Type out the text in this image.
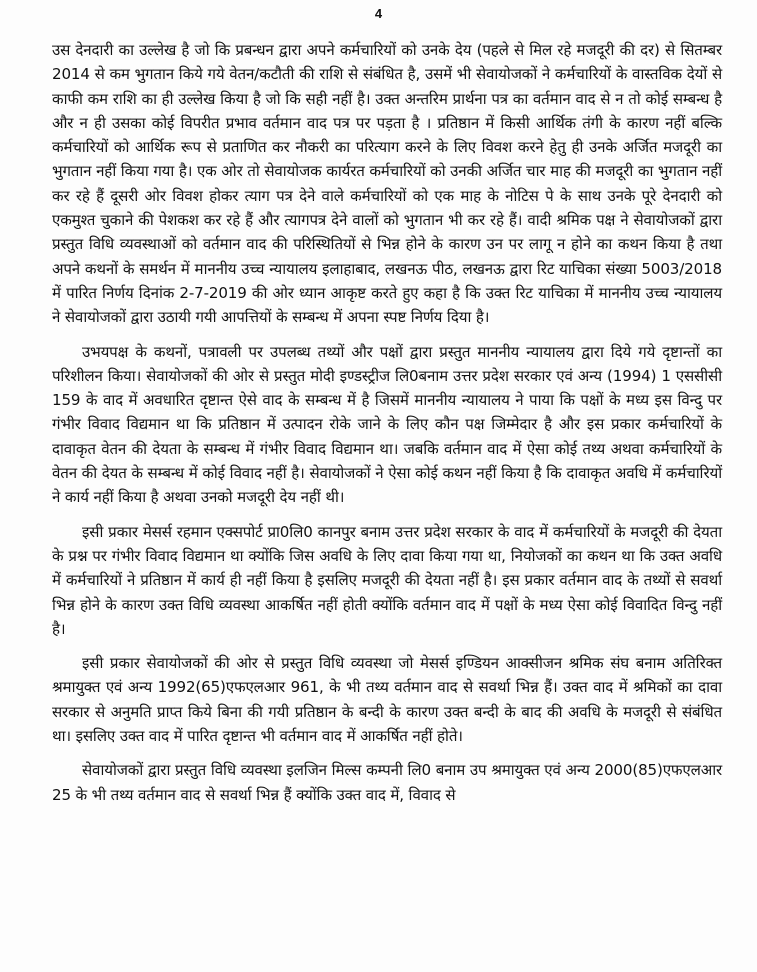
4

उस देनदारी का उल्लेख है जो कि प्रबन्धन द्वारा अपने कर्मचारियों को उनके देय (पहले से मिल रहे मजदूरी की दर) से सितम्बर 2014 से कम भुगतान किये गये वेतन/कटौती की राशि से संबंधित है, उसमें भी सेवायोजकों ने कर्मचारियों के वास्तविक देयों से काफी कम राशि का ही उल्लेख किया है जो कि सही नहीं है। उक्त अन्तरिम प्रार्थना पत्र का वर्तमान वाद से न तो कोई सम्बन्ध है और न ही उसका कोई विपरीत प्रभाव वर्तमान वाद पत्र पर पड़ता है । प्रतिष्ठान में किसी आर्थिक तंगी के कारण नहीं बल्कि कर्मचारियों को आर्थिक रूप से प्रताणित कर नौकरी का परित्याग करने के लिए विवश करने हेतु ही उनके अर्जित मजदूरी का भुगतान नहीं किया गया है। एक ओर तो सेवायोजक कार्यरत कर्मचारियों को उनकी अर्जित चार माह की मजदूरी का भुगतान नहीं कर रहे हैं दूसरी ओर विवश होकर त्याग पत्र देने वाले कर्मचारियों को एक माह के नोटिस पे के साथ उनके पूरे देनदारी को एकमुश्त चुकाने की पेशकश कर रहे हैं और त्यागपत्र देने वालों को भुगतान भी कर रहे हैं। वादी श्रमिक पक्ष ने सेवायोजकों द्वारा प्रस्तुत विधि व्यवस्थाओं को वर्तमान वाद की परिस्थितियों से भिन्न होने के कारण उन पर लागू न होने का कथन किया है तथा अपने कथनों के समर्थन में माननीय उच्च न्यायालय इलाहाबाद, लखनऊ पीठ, लखनऊ द्वारा रिट याचिका संख्या 5003/2018 में पारित निर्णय दिनांक 2-7-2019 की ओर ध्यान आकृष्ट करते हुए कहा है कि उक्त रिट याचिका में माननीय उच्च न्यायालय ने सेवायोजकों द्वारा उठायी गयी आपत्तियों के सम्बन्ध में अपना स्पष्ट निर्णय दिया है।

उभयपक्ष के कथनों, पत्रावली पर उपलब्ध तथ्यों और पक्षों द्वारा प्रस्तुत माननीय न्यायालय द्वारा दिये गये दृष्टान्तों का परिशीलन किया। सेवायोजकों की ओर से प्रस्तुत मोदी इण्डस्ट्रीज लि0बनाम उत्तर प्रदेश सरकार एवं अन्य (1994) 1 एससीसी 159 के वाद में अवधारित दृष्टान्त ऐसे वाद के सम्बन्ध में है जिसमें माननीय न्यायालय ने पाया कि पक्षों के मध्य इस विन्दु पर गंभीर विवाद विद्यमान था कि प्रतिष्ठान में उत्पादन रोके जाने के लिए कौन पक्ष जिम्मेदार है और इस प्रकार कर्मचारियों के दावाकृत वेतन की देयता के सम्बन्ध में गंभीर विवाद विद्यमान था। जबकि वर्तमान वाद में ऐसा कोई तथ्य अथवा कर्मचारियों के वेतन की देयत के सम्बन्ध में कोई विवाद नहीं है। सेवायोजकों ने ऐसा कोई कथन नहीं किया है कि दावाकृत अवधि में कर्मचारियों ने कार्य नहीं किया है अथवा उनको मजदूरी देय नहीं थी।

इसी प्रकार मेसर्स रहमान एक्सपोर्ट प्रा0लि0 कानपुर बनाम उत्तर प्रदेश सरकार के वाद में कर्मचारियों के मजदूरी की देयता के प्रश्न पर गंभीर विवाद विद्यमान था क्योंकि जिस अवधि के लिए दावा किया गया था, नियोजकों का कथन था कि उक्त अवधि में कर्मचारियों ने प्रतिष्ठान में कार्य ही नहीं किया है इसलिए मजदूरी की देयता नहीं है। इस प्रकार वर्तमान वाद के तथ्यों से सवर्था भिन्न होने के कारण उक्त विधि व्यवस्था आकर्षित नहीं होती क्योंकि वर्तमान वाद में पक्षों के मध्य ऐसा कोई विवादित विन्दु नहीं है।

इसी प्रकार सेवायोजकों की ओर से प्रस्तुत विधि व्यवस्था जो मेसर्स इण्डियन आक्सीजन श्रमिक संघ बनाम अतिरिक्त श्रमायुक्त एवं अन्य 1992(65)एफएलआर 961, के भी तथ्य वर्तमान वाद से सवर्था भिन्न हैं। उक्त वाद में श्रमिकों का दावा सरकार से अनुमति प्राप्त किये बिना की गयी प्रतिष्ठान के बन्दी के कारण उक्त बन्दी के बाद की अवधि के मजदूरी से संबंधित था। इसलिए उक्त वाद में पारित दृष्टान्त भी वर्तमान वाद में आकर्षित नहीं होते।

सेवायोजकों द्वारा प्रस्तुत विधि व्यवस्था इलजिन मिल्स कम्पनी लि0 बनाम उप श्रमायुक्त एवं अन्य 2000(85)एफएलआर 25 के भी तथ्य वर्तमान वाद से सवर्था भिन्न हैं क्योंकि उक्त वाद में, विवाद से
